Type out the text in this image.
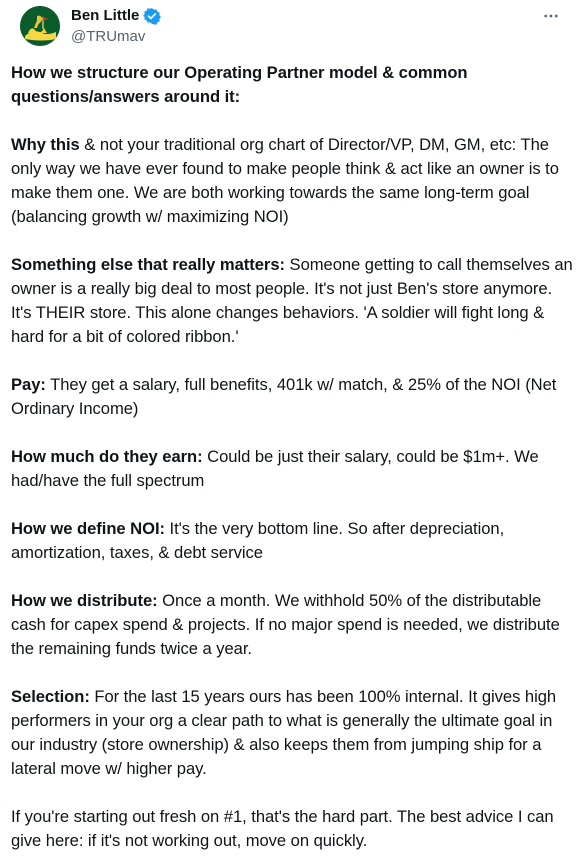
Ben Little
@TRUmav

How we structure our Operating Partner model & common questions/answers around it:

Why this & not your traditional org chart of Director/VP, DM, GM, etc: The only way we have ever found to make people think & act like an owner is to make them one. We are both working towards the same long-term goal (balancing growth w/ maximizing NOI)

Something else that really matters: Someone getting to call themselves an owner is a really big deal to most people. It's not just Ben's store anymore. It's THEIR store. This alone changes behaviors. 'A soldier will fight long & hard for a bit of colored ribbon.'

Pay: They get a salary, full benefits, 401k w/ match, & 25% of the NOI (Net Ordinary Income)

How much do they earn: Could be just their salary, could be $1m+. We had/have the full spectrum

How we define NOI: It's the very bottom line. So after depreciation, amortization, taxes, & debt service

How we distribute: Once a month. We withhold 50% of the distributable cash for capex spend & projects. If no major spend is needed, we distribute the remaining funds twice a year.

Selection: For the last 15 years ours has been 100% internal. It gives high performers in your org a clear path to what is generally the ultimate goal in our industry (store ownership) & also keeps them from jumping ship for a lateral move w/ higher pay.

If you're starting out fresh on #1, that's the hard part. The best advice I can give here: if it's not working out, move on quickly.
